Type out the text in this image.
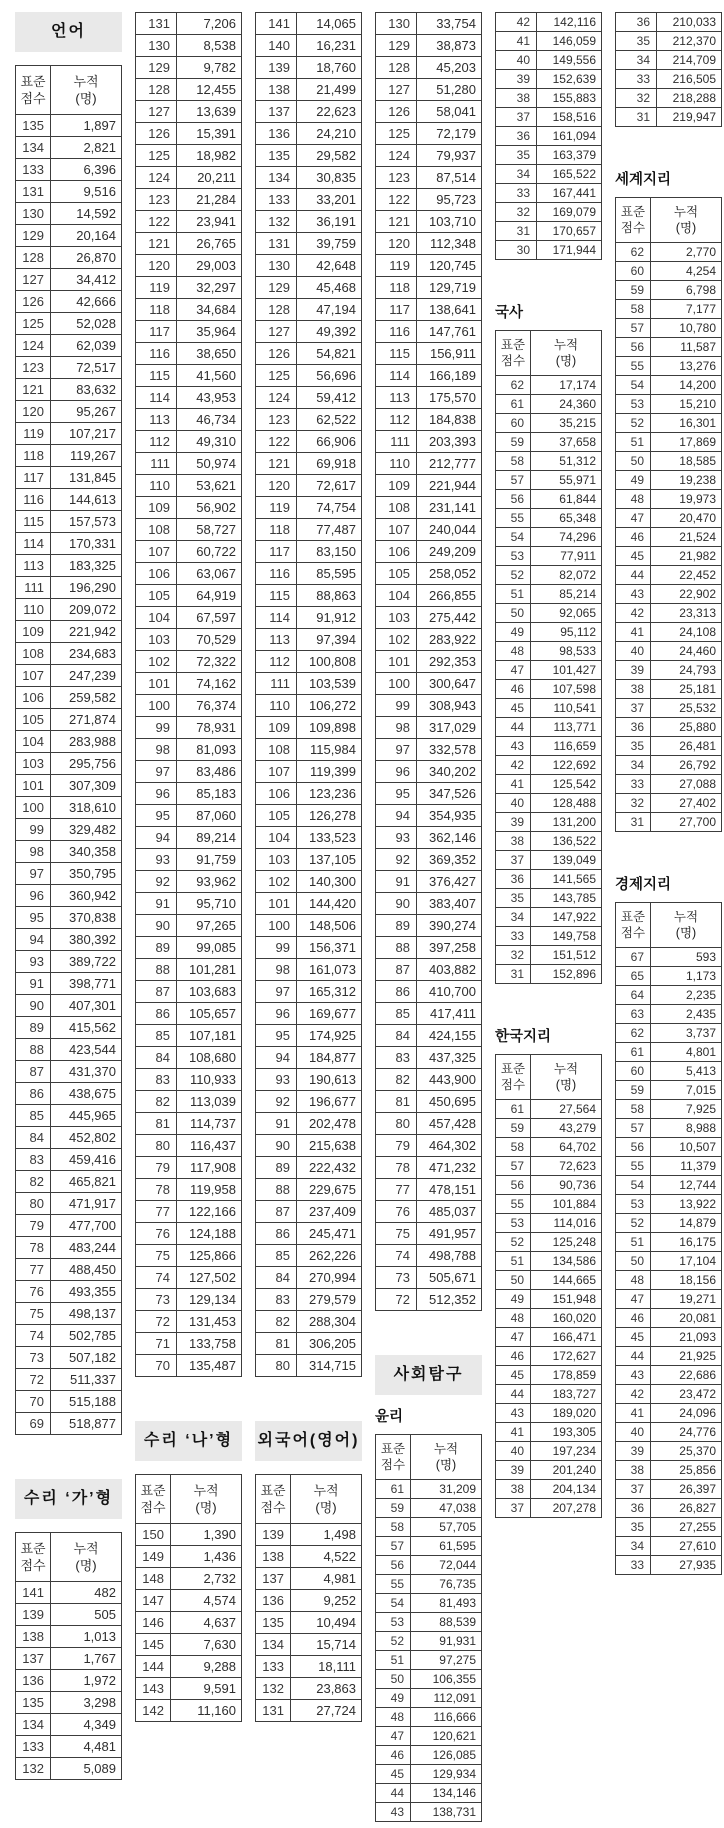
언어
표준
점수	누적
(명)
135	1,897
134	2,821
133	6,396
131	9,516
130	14,592
129	20,164
128	26,870
127	34,412
126	42,666
125	52,028
124	62,039
123	72,517
121	83,632
120	95,267
119	107,217
118	119,267
117	131,845
116	144,613
115	157,573
114	170,331
113	183,325
111	196,290
110	209,072
109	221,942
108	234,683
107	247,239
106	259,582
105	271,874
104	283,988
103	295,756
101	307,309
100	318,610
99	329,482
98	340,358
97	350,795
96	360,942
95	370,838
94	380,392
93	389,722
91	398,771
90	407,301
89	415,562
88	423,544
87	431,370
86	438,675
85	445,965
84	452,802
83	459,416
82	465,821
80	471,917
79	477,700
78	483,244
77	488,450
76	493,355
75	498,137
74	502,785
73	507,182
72	511,337
70	515,188
69	518,877
수리 ‘가’형
표준
점수	누적
(명)
141	482
139	505
138	1,013
137	1,767
136	1,972
135	3,298
134	4,349
133	4,481
132	5,089
131	7,206
130	8,538
129	9,782
128	12,455
127	13,639
126	15,391
125	18,982
124	20,211
123	21,284
122	23,941
121	26,765
120	29,003
119	32,297
118	34,684
117	35,964
116	38,650
115	41,560
114	43,953
113	46,734
112	49,310
111	50,974
110	53,621
109	56,902
108	58,727
107	60,722
106	63,067
105	64,919
104	67,597
103	70,529
102	72,322
101	74,162
100	76,374
99	78,931
98	81,093
97	83,486
96	85,183
95	87,060
94	89,214
93	91,759
92	93,962
91	95,710
90	97,265
89	99,085
88	101,281
87	103,683
86	105,657
85	107,181
84	108,680
83	110,933
82	113,039
81	114,737
80	116,437
79	117,908
78	119,958
77	122,166
76	124,188
75	125,866
74	127,502
73	129,134
72	131,453
71	133,758
70	135,487
수리 ‘나’형
표준
점수	누적
(명)
150	1,390
149	1,436
148	2,732
147	4,574
146	4,637
145	7,630
144	9,288
143	9,591
142	11,160
141	14,065
140	16,231
139	18,760
138	21,499
137	22,623
136	24,210
135	29,582
134	30,835
133	33,201
132	36,191
131	39,759
130	42,648
129	45,468
128	47,194
127	49,392
126	54,821
125	56,696
124	59,412
123	62,522
122	66,906
121	69,918
120	72,617
119	74,754
118	77,487
117	83,150
116	85,595
115	88,863
114	91,912
113	97,394
112	100,808
111	103,539
110	106,272
109	109,898
108	115,984
107	119,399
106	123,236
105	126,278
104	133,523
103	137,105
102	140,300
101	144,420
100	148,506
99	156,371
98	161,073
97	165,312
96	169,677
95	174,925
94	184,877
93	190,613
92	196,677
91	202,478
90	215,638
89	222,432
88	229,675
87	237,409
86	245,471
85	262,226
84	270,994
83	279,579
82	288,304
81	306,205
80	314,715
외국어(영어)
표준
점수	누적
(명)
139	1,498
138	4,522
137	4,981
136	9,252
135	10,494
134	15,714
133	18,111
132	23,863
131	27,724
130	33,754
129	38,873
128	45,203
127	51,280
126	58,041
125	72,179
124	79,937
123	87,514
122	95,723
121	103,710
120	112,348
119	120,745
118	129,719
117	138,641
116	147,761
115	156,911
114	166,189
113	175,570
112	184,838
111	203,393
110	212,777
109	221,944
108	231,141
107	240,044
106	249,209
105	258,052
104	266,855
103	275,442
102	283,922
101	292,353
100	300,647
99	308,943
98	317,029
97	332,578
96	340,202
95	347,526
94	354,935
93	362,146
92	369,352
91	376,427
90	383,407
89	390,274
88	397,258
87	403,882
86	410,700
85	417,411
84	424,155
83	437,325
82	443,900
81	450,695
80	457,428
79	464,302
78	471,232
77	478,151
76	485,037
75	491,957
74	498,788
73	505,671
72	512,352
사회탐구
윤리
표준
점수	누적
(명)
61	31,209
59	47,038
58	57,705
57	61,595
56	72,044
55	76,735
54	81,493
53	88,539
52	91,931
51	97,275
50	106,355
49	112,091
48	116,666
47	120,621
46	126,085
45	129,934
44	134,146
43	138,731
42	142,116
41	146,059
40	149,556
39	152,639
38	155,883
37	158,516
36	161,094
35	163,379
34	165,522
33	167,441
32	169,079
31	170,657
30	171,944
국사
표준
점수	누적
(명)
62	17,174
61	24,360
60	35,215
59	37,658
58	51,312
57	55,971
56	61,844
55	65,348
54	74,296
53	77,911
52	82,072
51	85,214
50	92,065
49	95,112
48	98,533
47	101,427
46	107,598
45	110,541
44	113,771
43	116,659
42	122,692
41	125,542
40	128,488
39	131,200
38	136,522
37	139,049
36	141,565
35	143,785
34	147,922
33	149,758
32	151,512
31	152,896
한국지리
표준
점수	누적
(명)
61	27,564
59	43,279
58	64,702
57	72,623
56	90,736
55	101,884
53	114,016
52	125,248
51	134,586
50	144,665
49	151,948
48	160,020
47	166,471
46	172,627
45	178,859
44	183,727
43	189,020
41	193,305
40	197,234
39	201,240
38	204,134
37	207,278
36	210,033
35	212,370
34	214,709
33	216,505
32	218,288
31	219,947
세계지리
표준
점수	누적
(명)
62	2,770
60	4,254
59	6,798
58	7,177
57	10,780
56	11,587
55	13,276
54	14,200
53	15,210
52	16,301
51	17,869
50	18,585
49	19,238
48	19,973
47	20,470
46	21,524
45	21,982
44	22,452
43	22,902
42	23,313
41	24,108
40	24,460
39	24,793
38	25,181
37	25,532
36	25,880
35	26,481
34	26,792
33	27,088
32	27,402
31	27,700
경제지리
표준
점수	누적
(명)
67	593
65	1,173
64	2,235
63	2,435
62	3,737
61	4,801
60	5,413
59	7,015
58	7,925
57	8,988
56	10,507
55	11,379
54	12,744
53	13,922
52	14,879
51	16,175
50	17,104
48	18,156
47	19,271
46	20,081
45	21,093
44	21,925
43	22,686
42	23,472
41	24,096
40	24,776
39	25,370
38	25,856
37	26,397
36	26,827
35	27,255
34	27,610
33	27,935
